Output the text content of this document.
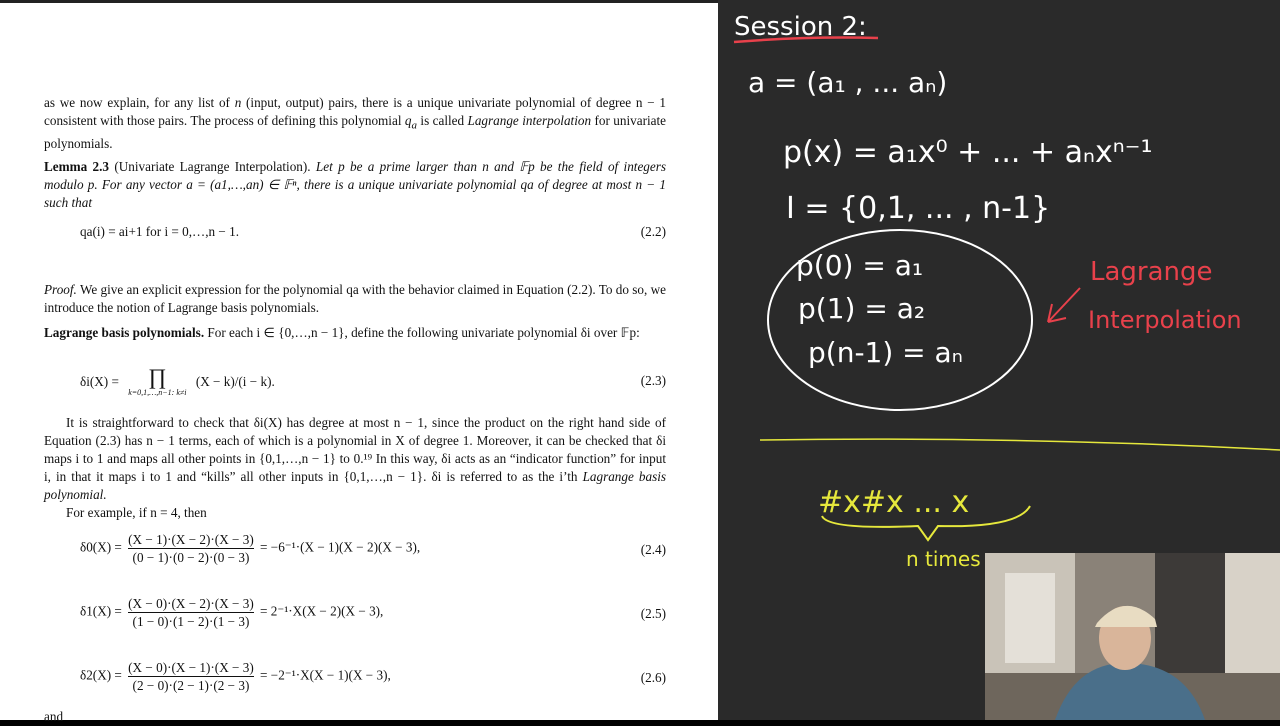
as we now explain, for any list of n (input, output) pairs, there is a unique univariate polynomial of degree n − 1 consistent with those pairs. The process of defining this polynomial $q_a$ is called Lagrange interpolation for univariate polynomials.
Lemma 2.3 (Univariate Lagrange Interpolation). Let p be a prime larger than n and 𝔽p be the field of integers modulo p. For any vector a = (a1,…,an) ∈ 𝔽ⁿ, there is a unique univariate polynomial qa of degree at most n − 1 such that
qa(i) = ai+1 for i = 0,…,n − 1.	(2.2)
Proof. We give an explicit expression for the polynomial qa with the behavior claimed in Equation (2.2). To do so, we introduce the notion of Lagrange basis polynomials.
Lagrange basis polynomials. For each i ∈ {0,…,n − 1}, define the following univariate polynomial δi over 𝔽p:
δi(X) =	∏
k=0,1,…,n−1: k≠i
(X − k)/(i − k).	(2.3)
It is straightforward to check that δi(X) has degree at most n − 1, since the product on the right hand side of Equation (2.3) has n − 1 terms, each of which is a polynomial in X of degree 1. Moreover, it can be checked that δi maps i to 1 and maps all other points in {0,1,…,n − 1} to 0.¹⁹ In this way, δi acts as an “indicator function” for input i, in that it maps i to 1 and “kills” all other inputs in {0,1,…,n − 1}. δi is referred to as the i’th Lagrange basis polynomial.
For example, if n = 4, then
$\delta 0(X) = \frac{(X - 1)\cdot(X - 2)\cdot(X - 3)}{(0 - 1)\cdot(0 - 2)\cdot(0 - 3)} = -6^{-1}\cdot(X - 1)(X - 2)(X - 3)$,	(2.4)
$\delta 1(X) = \frac{(X - 0)\cdot(X - 2)\cdot(X - 3)}{(1 - 0)\cdot(1 - 2)\cdot(1 - 3)} = 2^{-1}\cdot X(X - 2)(X - 3)$,	(2.5)
$\delta 2(X) = \frac{(X - 0)\cdot(X - 1)\cdot(X - 3)}{(2 - 0)\cdot(2 - 1)\cdot(2 - 3)} = -2^{-1}\cdot X(X - 1)(X - 3)$,	(2.6)
and
Session 2:
a = (a₁ , ... aₙ)
p(x) = a₁x⁰ + ... + aₙxⁿ⁻¹
I = {0,1, ... , n-1}
p(0) = a₁
p(1) = a₂
p(n-1) = aₙ
Lagrange
Interpolation
#x#x ... x
n times
